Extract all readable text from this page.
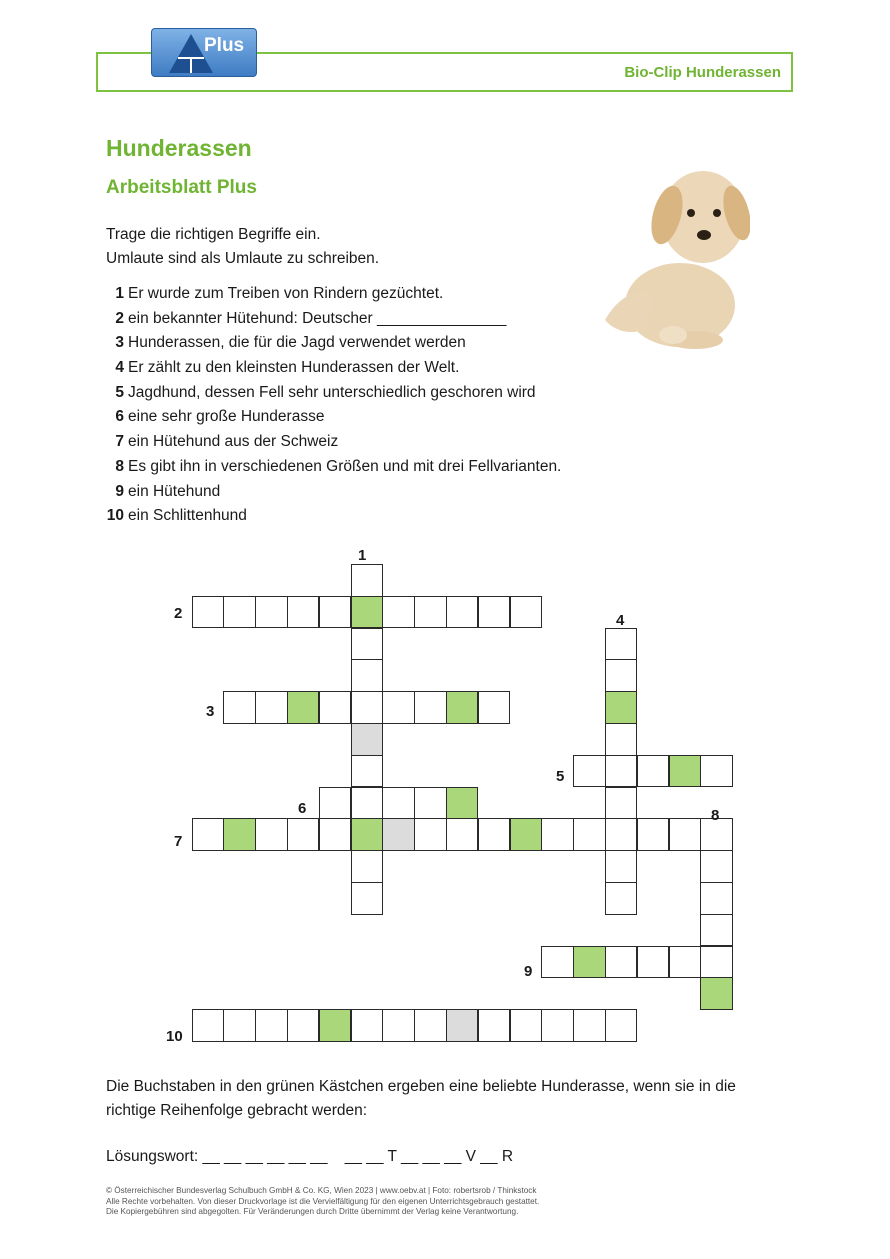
Bio-Clip Hunderassen
Plus
Hunderassen
Arbeitsblatt Plus
Trage die richtigen Begriffe ein.
Umlaute sind als Umlaute zu schreiben.
1 Er wurde zum Treiben von Rindern gezüchtet.
2 ein bekannter Hütehund: Deutscher _______________
3 Hunderassen, die für die Jagd verwendet werden
4 Er zählt zu den kleinsten Hunderassen der Welt.
5 Jagdhund, dessen Fell sehr unterschiedlich geschoren wird
6 eine sehr große Hunderasse
7 ein Hütehund aus der Schweiz
8 Es gibt ihn in verschiedenen Größen und mit drei Fellvarianten.
9 ein Hütehund
10 ein Schlittenhund
1
2
3
4
5
6
7
8
9
10
Die Buchstaben in den grünen Kästchen ergeben eine beliebte Hunderasse, wenn sie in die
richtige Reihenfolge gebracht werden:
Lösungswort: __ __ __ __ __ __    __ __ T __ __ __ V __ R
© Österreichischer Bundesverlag Schulbuch GmbH & Co. KG, Wien 2023 | www.oebv.at | Foto: robertsrob / Thinkstock
Alle Rechte vorbehalten. Von dieser Druckvorlage ist die Vervielfältigung für den eigenen Unterrichtsgebrauch gestattet.
Die Kopiergebühren sind abgegolten. Für Veränderungen durch Dritte übernimmt der Verlag keine Verantwortung.
